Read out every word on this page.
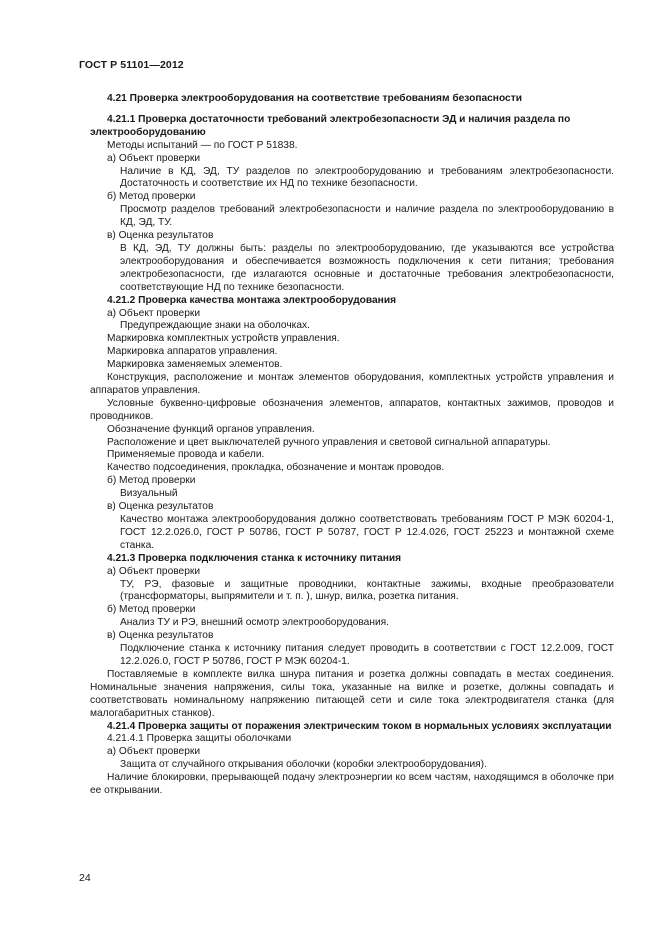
ГОСТ Р 51101—2012

4.21 Проверка электрооборудования на соответствие требованиям безопасности

4.21.1 Проверка достаточности требований электробезопасности ЭД и наличия раздела по электрооборудованию

Методы испытаний — по ГОСТ Р 51838.

а) Объект проверки

Наличие в КД, ЭД, ТУ разделов по электрооборудованию и требованиям электробезопасности. Достаточность и соответствие их НД по технике безопасности.

б) Метод проверки

Просмотр разделов требований электробезопасности и наличие раздела по электрооборудованию в КД, ЭД, ТУ.

в) Оценка результатов

В КД, ЭД, ТУ должны быть: разделы по электрооборудованию, где указываются все устройства электрооборудования и обеспечивается возможность подключения к сети питания; требования электробезопасности, где излагаются основные и достаточные требования электробезопасности, соответствующие НД по технике безопасности.

4.21.2 Проверка качества монтажа электрооборудования

а) Объект проверки

Предупреждающие знаки на оболочках.

Маркировка комплектных устройств управления.

Маркировка аппаратов управления.

Маркировка заменяемых элементов.

Конструкция, расположение и монтаж элементов оборудования, комплектных устройств управления и аппаратов управления.

Условные буквенно-цифровые обозначения элементов, аппаратов, контактных зажимов, проводов и проводников.

Обозначение функций органов управления.

Расположение и цвет выключателей ручного управления и световой сигнальной аппаратуры.

Применяемые провода и кабели.

Качество подсоединения, прокладка, обозначение и монтаж проводов.

б) Метод проверки

Визуальный

в) Оценка результатов

Качество монтажа электрооборудования должно соответствовать требованиям ГОСТ Р МЭК 60204-1, ГОСТ 12.2.026.0, ГОСТ Р 50786, ГОСТ Р 50787, ГОСТ Р 12.4.026, ГОСТ 25223 и монтажной схеме станка.

4.21.3 Проверка подключения станка к источнику питания

а) Объект проверки

ТУ, РЭ, фазовые и защитные проводники, контактные зажимы, входные преобразователи (трансформаторы, выпрямители и т. п. ), шнур, вилка, розетка питания.

б) Метод проверки

Анализ ТУ и РЭ, внешний осмотр электрооборудования.

в) Оценка результатов

Подключение станка к источнику питания следует проводить в соответствии с ГОСТ 12.2.009, ГОСТ 12.2.026.0, ГОСТ Р 50786, ГОСТ Р МЭК 60204-1.

Поставляемые в комплекте вилка шнура питания и розетка должны совпадать в местах соединения. Номинальные значения напряжения, силы тока, указанные на вилке и розетке, должны совпадать и соответствовать номинальному напряжению питающей сети и силе тока электродвигателя станка (для малогабаритных станков).

4.21.4 Проверка защиты от поражения электрическим током в нормальных условиях эксплуатации

4.21.4.1 Проверка защиты оболочками

а) Объект проверки

Защита от случайного открывания оболочки (коробки электрооборудования).

Наличие блокировки, прерывающей подачу электроэнергии ко всем частям, находящимся в оболочке при ее открывании.

24
